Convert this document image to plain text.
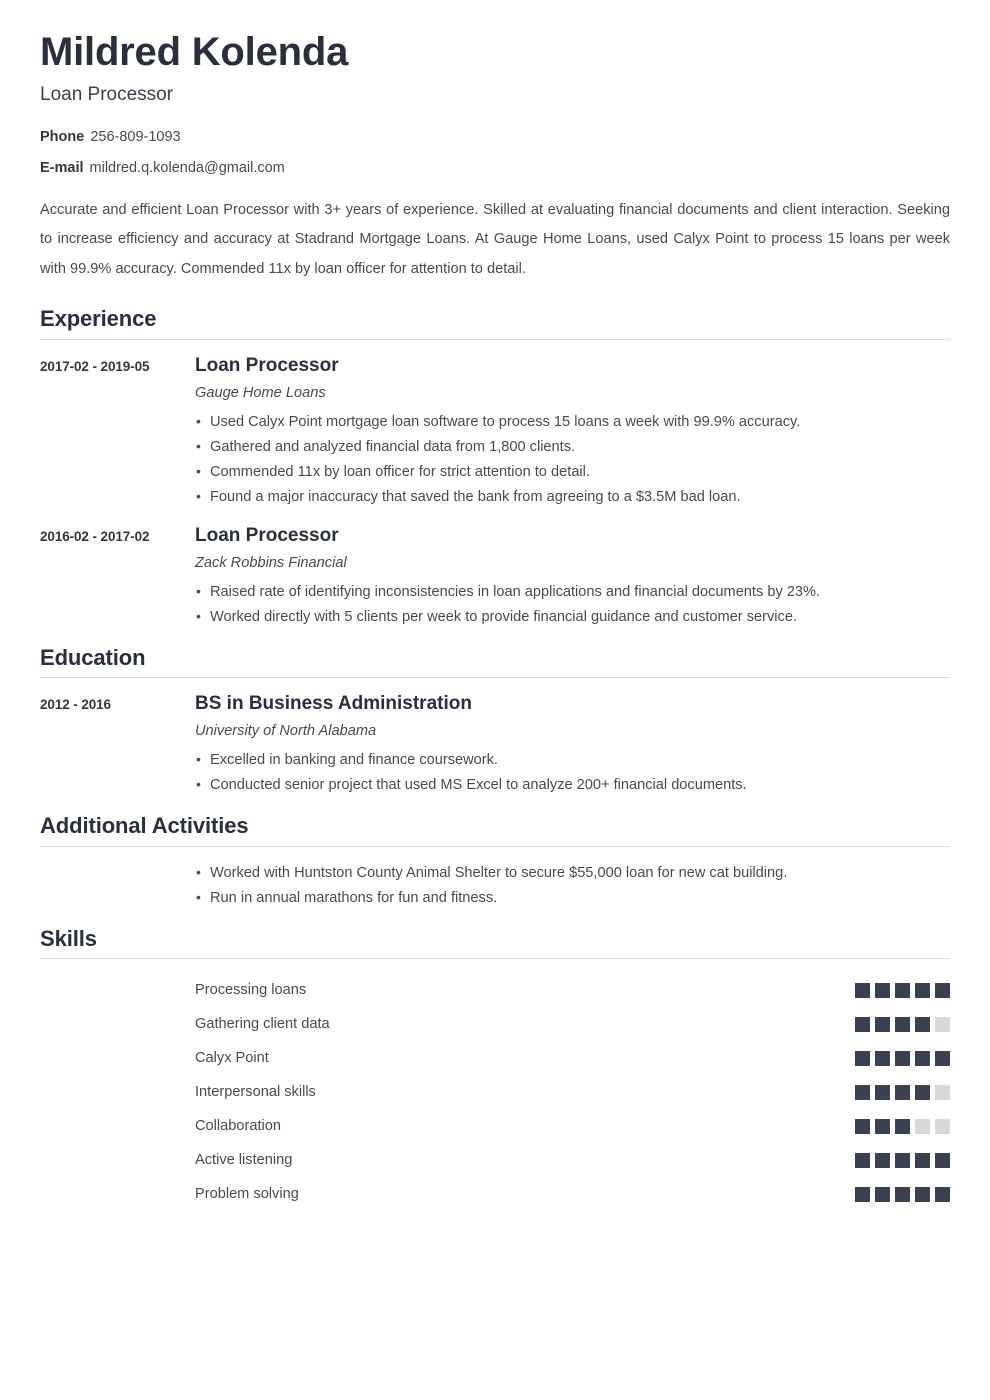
Mildred Kolenda
Loan Processor
Phone 256-809-1093
E-mail mildred.q.kolenda@gmail.com

Accurate and efficient Loan Processor with 3+ years of experience. Skilled at evaluating financial documents and client interaction. Seeking to increase efficiency and accuracy at Stadrand Mortgage Loans. At Gauge Home Loans, used Calyx Point to process 15 loans per week with 99.9% accuracy. Commended 11x by loan officer for attention to detail.

Experience
2017-02 - 2019-05	Loan Processor
Gauge Home Loans
• Used Calyx Point mortgage loan software to process 15 loans a week with 99.9% accuracy.
• Gathered and analyzed financial data from 1,800 clients.
• Commended 11x by loan officer for strict attention to detail.
• Found a major inaccuracy that saved the bank from agreeing to a $3.5M bad loan.
2016-02 - 2017-02	Loan Processor
Zack Robbins Financial
• Raised rate of identifying inconsistencies in loan applications and financial documents by 23%.
• Worked directly with 5 clients per week to provide financial guidance and customer service.
Education
2012 - 2016	BS in Business Administration
University of North Alabama
• Excelled in banking and finance coursework.
• Conducted senior project that used MS Excel to analyze 200+ financial documents.
Additional Activities
• Worked with Huntston County Animal Shelter to secure $55,000 loan for new cat building.
• Run in annual marathons for fun and fitness.
Skills
Processing loans
Gathering client data
Calyx Point
Interpersonal skills
Collaboration
Active listening
Problem solving
